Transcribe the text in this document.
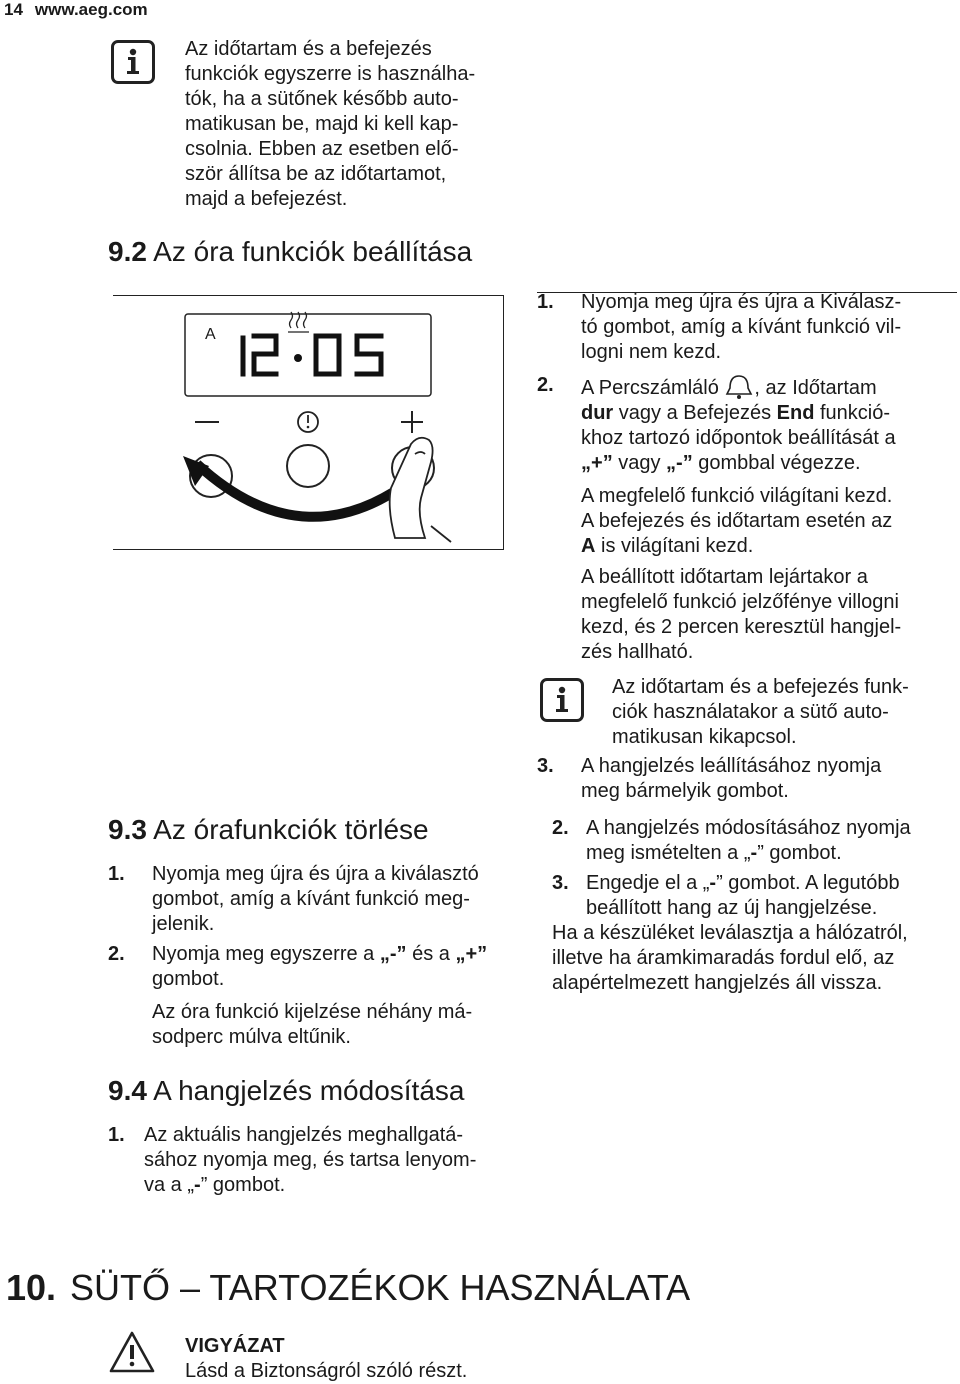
14 www.aeg.com
Az időtartam és a befejezés
funkciók egyszerre is használha-
tók, ha a sütőnek később auto-
matikusan be, majd ki kell kap-
csolnia. Ebben az esetben elő-
ször állítsa be az időtartamot,
majd a befejezést.
9.2 Az óra funkciók beállítása
A
1.	Nyomja meg újra és újra a Kiválasz-
tó gombot, amíg a kívánt funkció vil-
logni nem kezd.
2.	A Percszámláló , az Időtartam
dur vagy a Befejezés End funkció-
khoz tartozó időpontok beállítását a
„+” vagy „-” gombbal végezze.
A megfelelő funkció világítani kezd.
A befejezés és időtartam esetén az
A is világítani kezd.
A beállított időtartam lejártakor a
megfelelő funkció jelzőfénye villogni
kezd, és 2 percen keresztül hangjel-
zés hallható.
Az időtartam és a befejezés funk-
ciók használatakor a sütő auto-
matikusan kikapcsol.
3.	A hangjelzés leállításához nyomja
meg bármelyik gombot.
9.3 Az órafunkciók törlése
1.	Nyomja meg újra és újra a kiválasztó
gombot, amíg a kívánt funkció meg-
jelenik.
2.	Nyomja meg egyszerre a „-” és a „+”
gombot.
Az óra funkció kijelzése néhány má-
sodperc múlva eltűnik.
9.4 A hangjelzés módosítása
1. Az aktuális hangjelzés meghallgatá-
sához nyomja meg, és tartsa lenyom-
va a „-” gombot.
2. A hangjelzés módosításához nyomja
meg ismételten a „-” gombot.
3. Engedje el a „-” gombot. A legutóbb
beállított hang az új hangjelzése.
Ha a készüléket leválasztja a hálózatról,
illetve ha áramkimaradás fordul elő, az
alapértelmezett hangjelzés áll vissza.
10. SÜTŐ – TARTOZÉKOK HASZNÁLATA
VIGYÁZAT
Lásd a Biztonságról szóló részt.
